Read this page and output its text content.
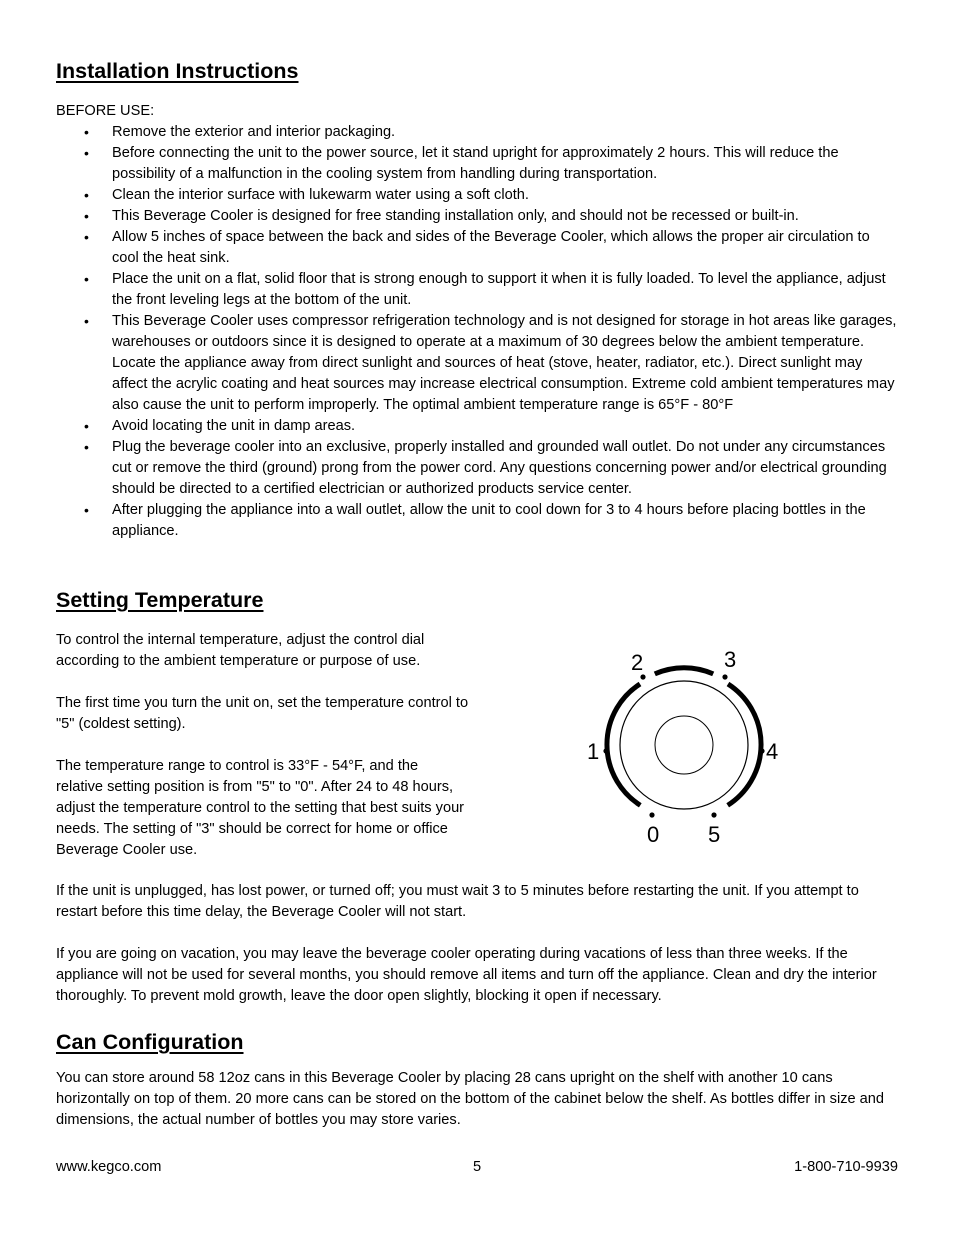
Installation Instructions

BEFORE USE:

• Remove the exterior and interior packaging.
• Before connecting the unit to the power source, let it stand upright for approximately 2 hours. This will reduce the possibility of a malfunction in the cooling system from handling during transportation.
• Clean the interior surface with lukewarm water using a soft cloth.
• This Beverage Cooler is designed for free standing installation only, and should not be recessed or built-in.
• Allow 5 inches of space between the back and sides of the Beverage Cooler, which allows the proper air circulation to cool the heat sink.
• Place the unit on a flat, solid floor that is strong enough to support it when it is fully loaded. To level the appliance, adjust the front leveling legs at the bottom of the unit.
• This Beverage Cooler uses compressor refrigeration technology and is not designed for storage in hot areas like garages, warehouses or outdoors since it is designed to operate at a maximum of 30 degrees below the ambient temperature. Locate the appliance away from direct sunlight and sources of heat (stove, heater, radiator, etc.). Direct sunlight may affect the acrylic coating and heat sources may increase electrical consumption. Extreme cold ambient temperatures may also cause the unit to perform improperly. The optimal ambient temperature range is 65°F - 80°F
• Avoid locating the unit in damp areas.
• Plug the beverage cooler into an exclusive, properly installed and grounded wall outlet. Do not under any circumstances cut or remove the third (ground) prong from the power cord. Any questions concerning power and/or electrical grounding should be directed to a certified electrician or authorized products service center.
• After plugging the appliance into a wall outlet, allow the unit to cool down for 3 to 4 hours before placing bottles in the appliance.
Setting Temperature

To control the internal temperature, adjust the control dial according to the ambient temperature or purpose of use.

The first time you turn the unit on, set the temperature control to "5" (coldest setting).

The temperature range to control is 33°F - 54°F, and the relative setting position is from "5" to "0". After 24 to 48 hours, adjust the temperature control to the setting that best suits your needs. The setting of "3" should be correct for home or office Beverage Cooler use.

If the unit is unplugged, has lost power, or turned off; you must wait 3 to 5 minutes before restarting the unit. If you attempt to restart before this time delay, the Beverage Cooler will not start.

If you are going on vacation, you may leave the beverage cooler operating during vacations of less than three weeks. If the appliance will not be used for several months, you should remove all items and turn off the appliance. Clean and dry the interior thoroughly. To prevent mold growth, leave the door open slightly, blocking it open if necessary.

Can Configuration

You can store around 58 12oz cans in this Beverage Cooler by placing 28 cans upright on the shelf with another 10 cans horizontally on top of them. 20 more cans can be stored on the bottom of the cabinet below the shelf. As bottles differ in size and dimensions, the actual number of bottles you may store varies.

2	3
1	4
0 5
www.kegco.com	5	1-800-710-9939
